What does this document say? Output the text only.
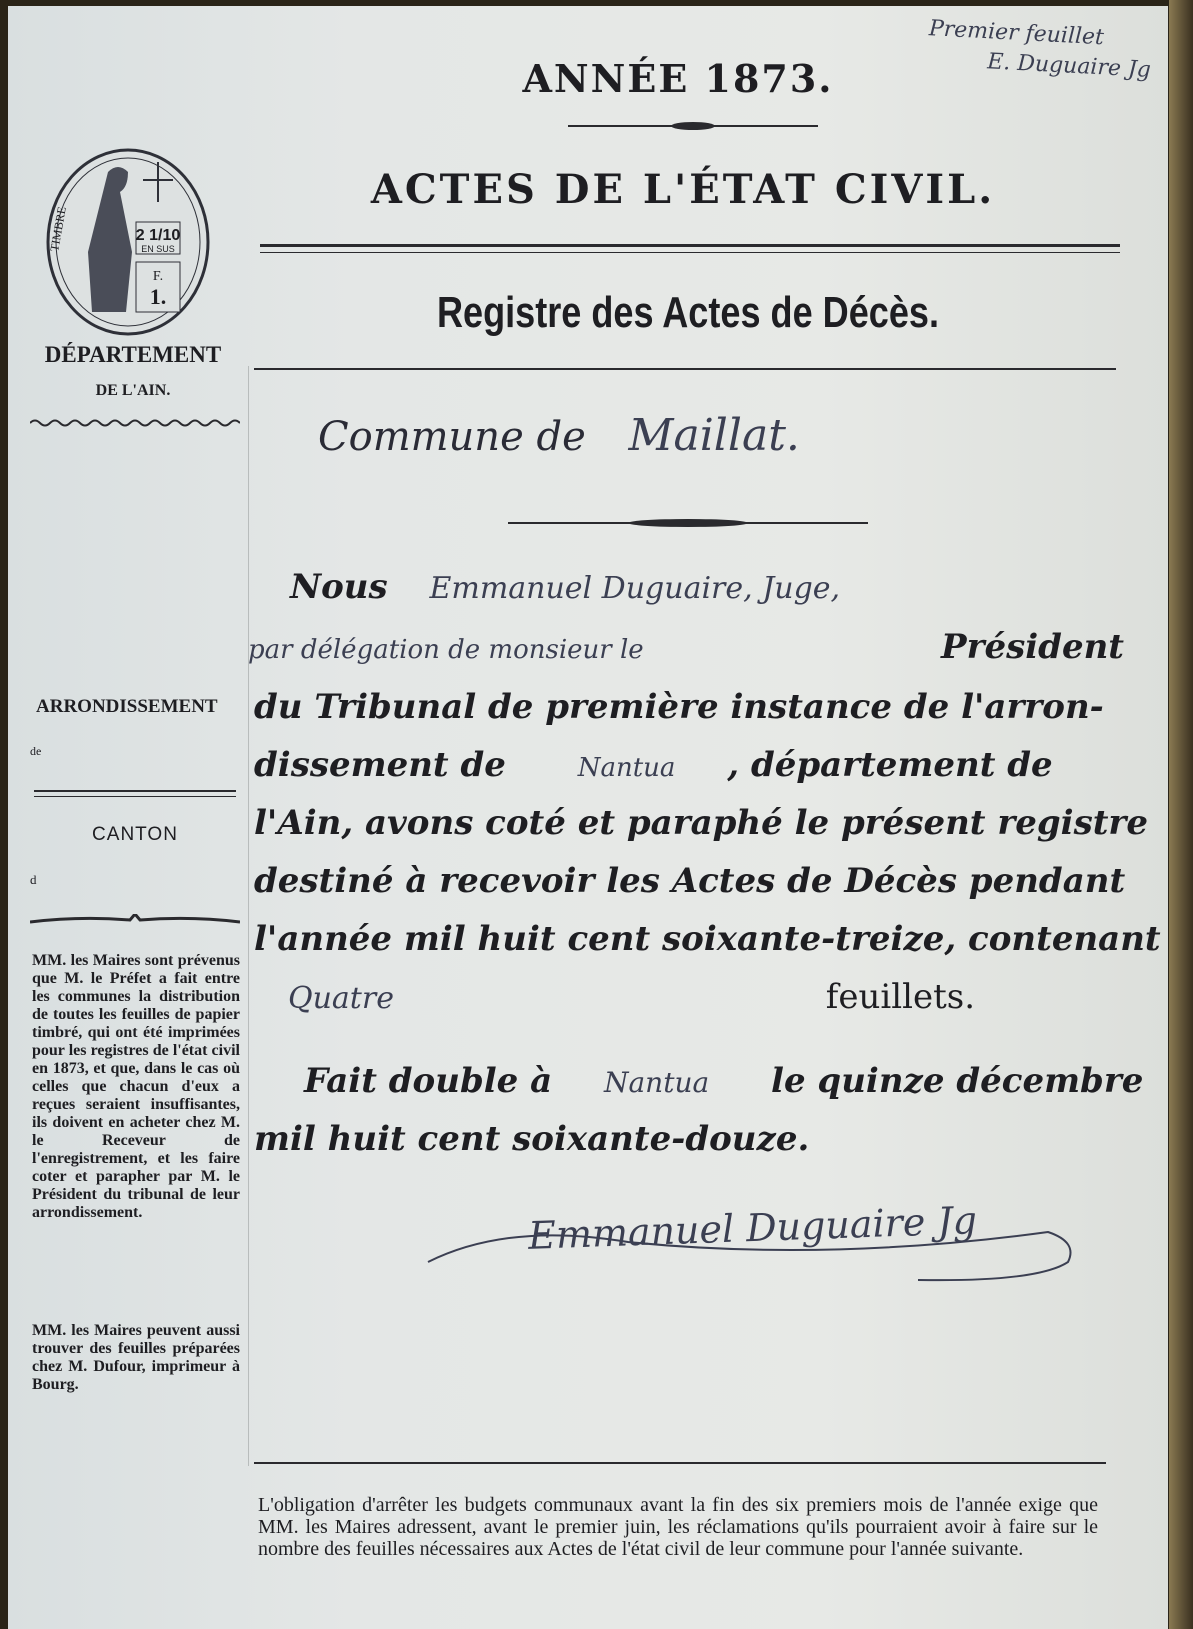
Premier feuillet
E. Duguaire Jg
ANNÉE 1873.
ACTES DE L'ÉTAT CIVIL.
Registre des Actes de Décès.
2 1/10
EN SUS
F.
1.
TIMBRE
DÉPARTEMENT
DE L'AIN.
ARRONDISSEMENT
de
CANTON
d
MM. les Maires sont prévenus que M. le Préfet a fait entre les communes la distribution de toutes les feuilles de papier timbré, qui ont été imprimées pour les registres de l'état civil en 1873, et que, dans le cas où celles que chacun d'eux a reçues seraient insuffisantes, ils doivent en acheter chez M. le Receveur de l'enregistrement, et les faire coter et parapher par M. le Président du tribunal de leur arrondissement.
MM. les Maires peuvent aussi trouver des feuilles préparées chez M. Dufour, imprimeur à Bourg.
Commune de Maillat.
Nous Emmanuel Duguaire, Juge,
par délégation de monsieur le	Président
du Tribunal de première instance de l'arron-
dissement de	Nantua , département de
l'Ain, avons coté et paraphé le présent registre
destiné à recevoir les Actes de Décès pendant
l'année mil huit cent soixante-treize, contenant
Quatre	feuillets.
Fait double à Nantua le quinze décembre
mil huit cent soixante-douze.
Emmanuel Duguaire Jg
L'obligation d'arrêter les budgets communaux avant la fin des six premiers mois de l'année exige que MM. les Maires adressent, avant le premier juin, les réclamations qu'ils pourraient avoir à faire sur le nombre des feuilles nécessaires aux Actes de l'état civil de leur commune pour l'année suivante.
